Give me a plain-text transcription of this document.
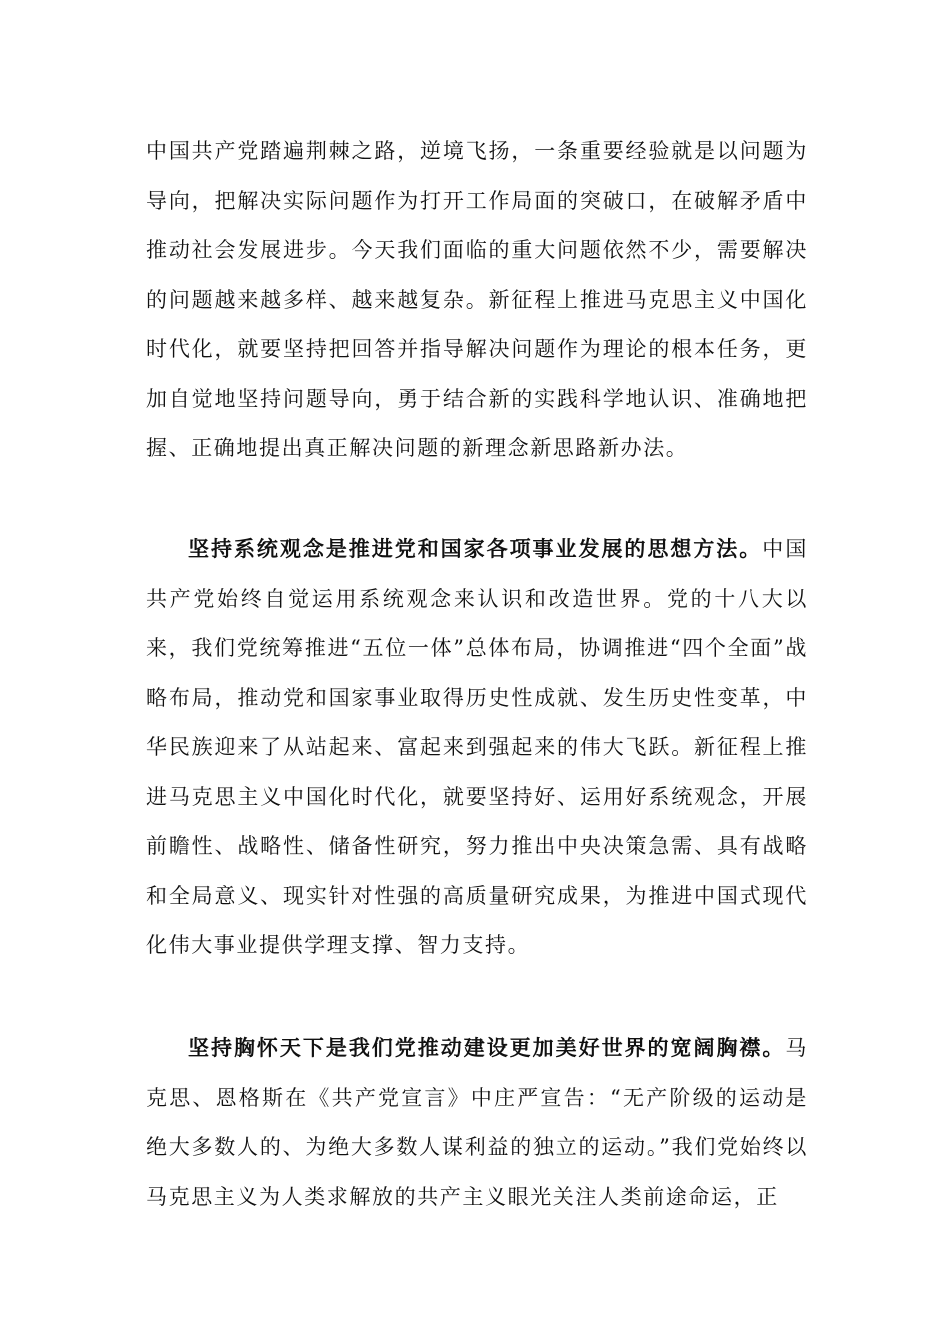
中国共产党踏遍荆棘之路，逆境飞扬，一条重要经验就是以问题为导向，把解决实际问题作为打开工作局面的突破口，在破解矛盾中推动社会发展进步。今天我们面临的重大问题依然不少，需要解决的问题越来越多样、越来越复杂。新征程上推进马克思主义中国化时代化，就要坚持把回答并指导解决问题作为理论的根本任务，更加自觉地坚持问题导向，勇于结合新的实践科学地认识、准确地把握、正确地提出真正解决问题的新理念新思路新办法。

坚持系统观念是推进党和国家各项事业发展的思想方法。中国共产党始终自觉运用系统观念来认识和改造世界。党的十八大以来，我们党统筹推进“五位一体”总体布局，协调推进“四个全面”战略布局，推动党和国家事业取得历史性成就、发生历史性变革，中华民族迎来了从站起来、富起来到强起来的伟大飞跃。新征程上推进马克思主义中国化时代化，就要坚持好、运用好系统观念，开展前瞻性、战略性、储备性研究，努力推出中央决策急需、具有战略和全局意义、现实针对性强的高质量研究成果，为推进中国式现代化伟大事业提供学理支撑、智力支持。

坚持胸怀天下是我们党推动建设更加美好世界的宽阔胸襟。马克思、恩格斯在《共产党宣言》中庄严宣告：“无产阶级的运动是绝大多数人的、为绝大多数人谋利益的独立的运动。”我们党始终以马克思主义为人类求解放的共产主义眼光关注人类前途命运，正
